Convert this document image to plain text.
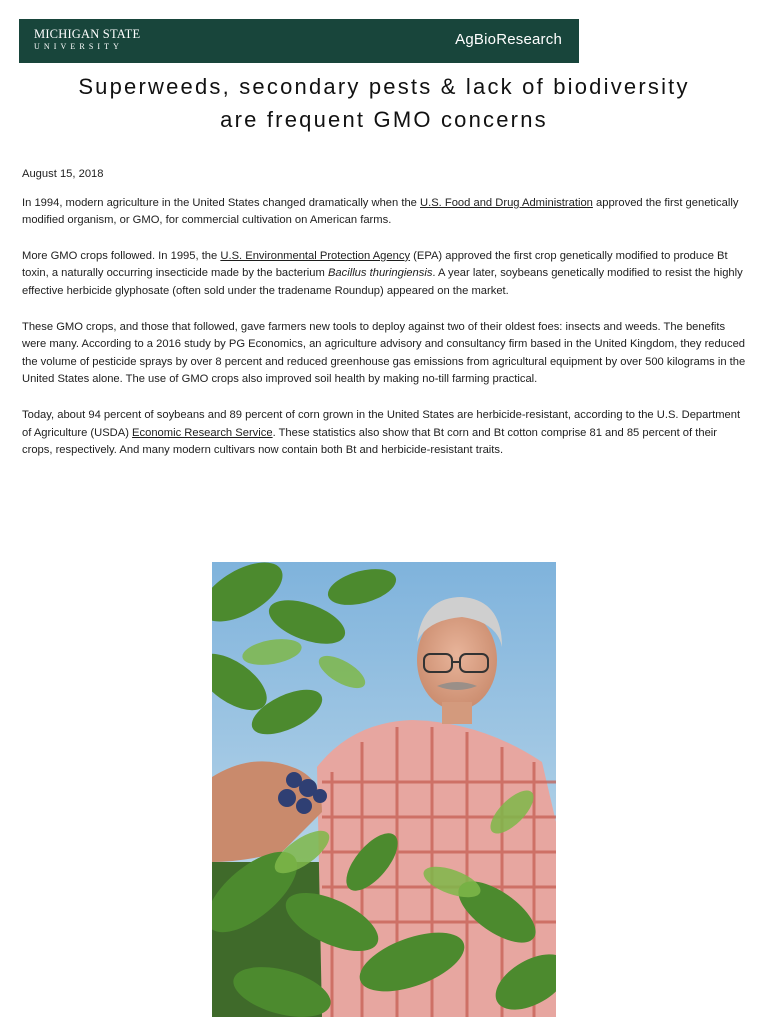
MICHIGAN STATE
UNIVERSITY	AgBioResearch
Superweeds, secondary pests & lack of biodiversity
are frequent GMO concerns

August 15, 2018

In 1994, modern agriculture in the United States changed dramatically when the U.S. Food and Drug Administration approved the first genetically modified organism, or GMO, for commercial cultivation on American farms.

More GMO crops followed. In 1995, the U.S. Environmental Protection Agency (EPA) approved the first crop genetically modified to produce Bt toxin, a naturally occurring insecticide made by the bacterium Bacillus thuringiensis. A year later, soybeans genetically modified to resist the highly effective herbicide glyphosate (often sold under the tradename Roundup) appeared on the market.

These GMO crops, and those that followed, gave farmers new tools to deploy against two of their oldest foes: insects and weeds. The benefits were many. According to a 2016 study by PG Economics, an agriculture advisory and consultancy firm based in the United Kingdom, they reduced the volume of pesticide sprays by over 8 percent and reduced greenhouse gas emissions from agricultural equipment by over 500 kilograms in the United States alone. The use of GMO crops also improved soil health by making no-till farming practical.

Today, about 94 percent of soybeans and 89 percent of corn grown in the United States are herbicide-resistant, according to the U.S. Department of Agriculture (USDA) Economic Research Service. These statistics also show that Bt corn and Bt cotton comprise 81 and 85 percent of their crops, respectively. And many modern cultivars now contain both Bt and herbicide-resistant traits.
